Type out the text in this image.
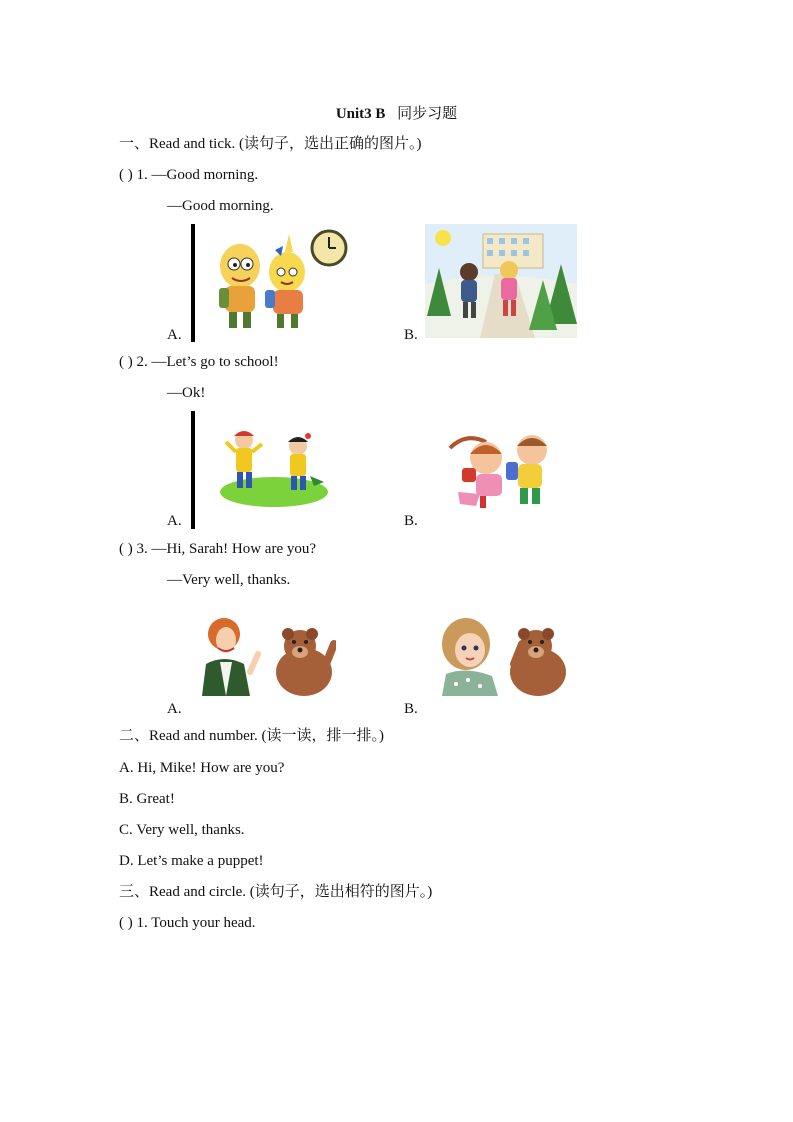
Unit3 B 同步习题
一、Read and tick. (读句子，选出正确的图片。)
( ) 1. —Good morning.
—Good morning.
A.	B.
( ) 2. —Let’s go to school!
—Ok!
A.	B.
( ) 3. —Hi, Sarah! How are you?
—Very well, thanks.
A.	B.
二、Read and number. (读一读，排一排。)
A. Hi, Mike! How are you?
B. Great!
C. Very well, thanks.
D. Let’s make a puppet!
三、Read and circle. (读句子，选出相符的图片。)
( ) 1. Touch your head.
